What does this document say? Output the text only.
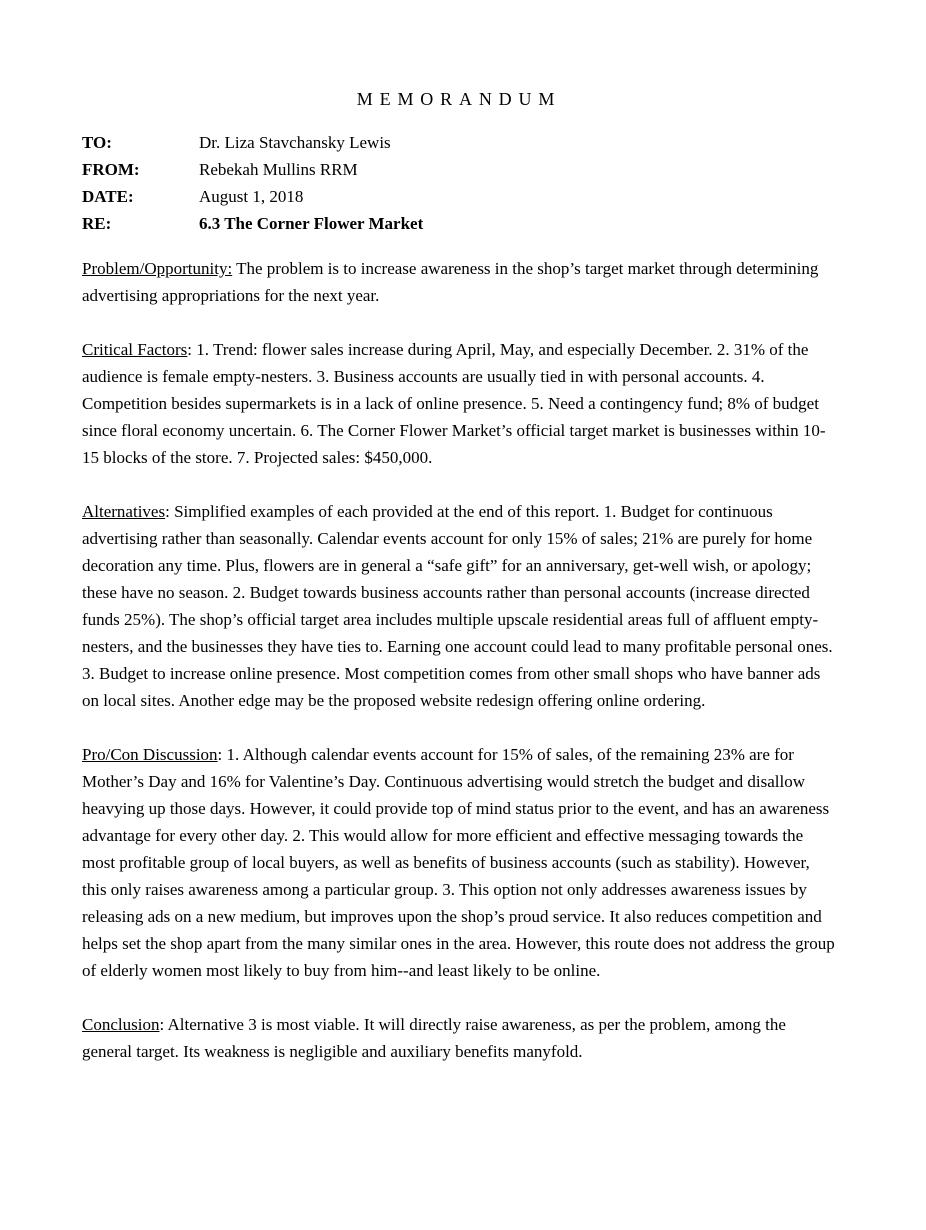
MEMORANDUM
TO:	Dr. Liza Stavchansky Lewis
FROM:	Rebekah Mullins RRM
DATE:	August 1, 2018
RE:	6.3 The Corner Flower Market

Problem/Opportunity: The problem is to increase awareness in the shop’s target market through determining advertising appropriations for the next year.

Critical Factors: 1. Trend: flower sales increase during April, May, and especially December. 2. 31% of the audience is female empty-nesters. 3. Business accounts are usually tied in with personal accounts. 4. Competition besides supermarkets is in a lack of online presence. 5. Need a contingency fund; 8% of budget since floral economy uncertain. 6. The Corner Flower Market’s official target market is businesses within 10-15 blocks of the store. 7. Projected sales: $450,000.

Alternatives: Simplified examples of each provided at the end of this report. 1. Budget for continuous advertising rather than seasonally. Calendar events account for only 15% of sales; 21% are purely for home decoration any time. Plus, flowers are in general a “safe gift” for an anniversary, get-well wish, or apology; these have no season. 2. Budget towards business accounts rather than personal accounts (increase directed funds 25%). The shop’s official target area includes multiple upscale residential areas full of affluent empty-nesters, and the businesses they have ties to. Earning one account could lead to many profitable personal ones. 3. Budget to increase online presence. Most competition comes from other small shops who have banner ads on local sites. Another edge may be the proposed website redesign offering online ordering.

Pro/Con Discussion: 1. Although calendar events account for 15% of sales, of the remaining 23% are for Mother’s Day and 16% for Valentine’s Day. Continuous advertising would stretch the budget and disallow heavying up those days. However, it could provide top of mind status prior to the event, and has an awareness advantage for every other day. 2. This would allow for more efficient and effective messaging towards the most profitable group of local buyers, as well as benefits of business accounts (such as stability). However, this only raises awareness among a particular group. 3. This option not only addresses awareness issues by releasing ads on a new medium, but improves upon the shop’s proud service. It also reduces competition and helps set the shop apart from the many similar ones in the area. However, this route does not address the group of elderly women most likely to buy from him--and least likely to be online.

Conclusion: Alternative 3 is most viable. It will directly raise awareness, as per the problem, among the general target. Its weakness is negligible and auxiliary benefits manyfold.
